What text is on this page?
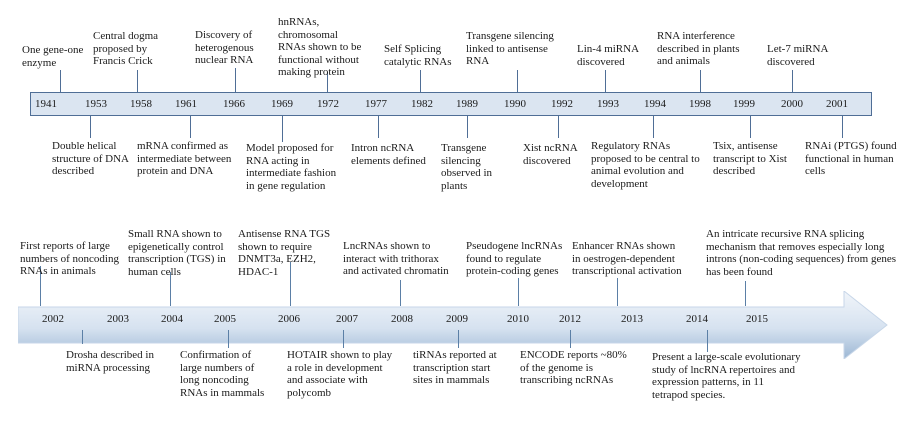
1941	1953 1958 1961 1966 1969 1972 1977 1982 1989 1990 1992 1993 1994 1998 1999 2000 2001
One gene-one enzyme
Central dogma proposed by Francis Crick
Discovery of heterogenous nuclear RNA
hnRNAs, chromosomal RNAs shown to be functional without making protein
Self Splicing catalytic RNAs
Transgene silencing linked to antisense RNA
Lin-4 miRNA discovered
RNA interference described in plants and animals
Let-7 miRNA discovered
Double helical structure of DNA described
mRNA confirmed as intermediate between protein and DNA
Model proposed for RNA acting in intermediate fashion in gene regulation
Intron ncRNA elements defined
Transgene silencing observed in plants
Xist ncRNA discovered
Regulatory RNAs proposed to be central to animal evolution and development
Tsix, antisense transcript to Xist described
RNAi (PTGS) found functional in human cells
2002	2003	2004	2005	2006	2007	2008	2009	2010	2012	2013	2014	2015
First reports of large numbers of noncoding RNAs in animals
Small RNA shown to epigenetically control transcription (TGS) in human cells
Antisense RNA TGS shown to require DNMT3a, EZH2, HDAC-1
LncRNAs shown to interact with trithorax and activated chromatin
Pseudogene lncRNAs found to regulate protein-coding genes
Enhancer RNAs shown in oestrogen-dependent transcriptional activation
An intricate recursive RNA splicing mechanism that removes especially long introns (non-coding sequences) from genes has been found
Drosha described in miRNA processing
Confirmation of large numbers of long noncoding RNAs in mammals
HOTAIR shown to play a role in development and associate with polycomb
tiRNAs reported at transcription start sites in mammals
ENCODE reports ~80% of the genome is transcribing ncRNAs
Present a large-scale evolutionary study of lncRNA repertoires and expression patterns, in 11 tetrapod species.
